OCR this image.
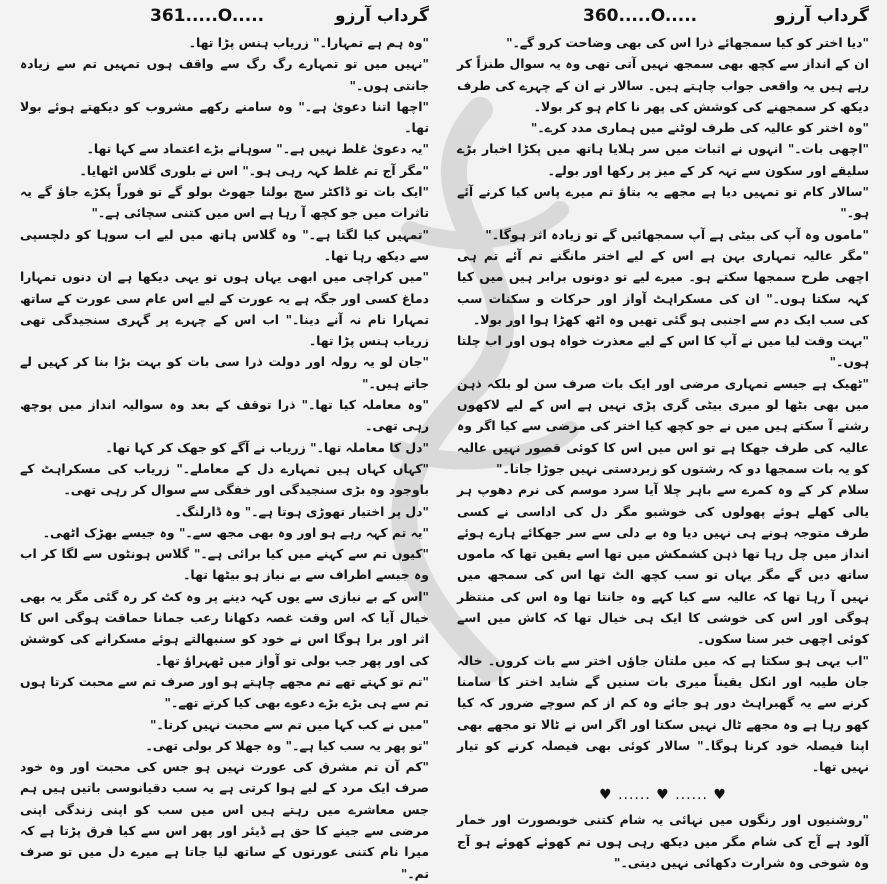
گرداب آرزو
361.....O.....

"وہ ہم ہے تمہارا۔" زریاب ہنس پڑا تھا۔

"نہیں میں تو تمہارے رگ رگ سے واقف ہوں تمہیں تم سے زیادہ جانتی ہوں۔"

"اچھا اتنا دعویٰ ہے۔" وہ سامنے رکھے مشروب کو دیکھتے ہوئے بولا تھا۔

"یہ دعویٰ غلط نہیں ہے۔" سوہانے بڑے اعتماد سے کہا تھا۔

"مگر آج تم غلط کہہ رہی ہو۔" اس نے بلوری گلاس اٹھایا۔

"ایک بات تو ڈاکٹر سچ بولنا جھوٹ بولو گے تو فوراً پکڑے جاؤ گے یہ تاثرات میں جو کچھ آ رہا ہے اس میں کتنی سچائی ہے۔"

"تمہیں کیا لگتا ہے۔" وہ گلاس ہاتھ میں لیے اب سوہا کو دلچسپی سے دیکھ رہا تھا۔

"میں کراچی میں ابھی یہاں ہوں تو یہی دیکھا ہے ان دنوں تمہارا دماغ کسی اور جگہ ہے یہ عورت کے لیے اس عام سی عورت کے ساتھ تمہارا نام نہ آنے دینا۔" اب اس کے چہرے پر گہری سنجیدگی تھی زریاب ہنس پڑا تھا۔

"جان لو یہ رولہ اور دولت ذرا سی بات کو بہت بڑا بنا کر کہیں لے جاتے ہیں۔"

"وہ معاملہ کیا تھا۔" ذرا توقف کے بعد وہ سوالیہ انداز میں پوچھ رہی تھی۔

"دل کا معاملہ تھا۔" زریاب نے آگے کو جھک کر کہا تھا۔

"کہاں کہاں ہیں تمہارے دل کے معاملے۔" زریاب کی مسکراہٹ کے باوجود وہ بڑی سنجیدگی اور خفگی سے سوال کر رہی تھی۔

"دل پر اختیار تھوڑی ہوتا ہے۔" وہ ڈارلنگ۔

"یہ تم کہہ رہے ہو اور وہ بھی مجھ سے۔" وہ جیسے بھڑک اٹھی۔

"کیوں تم سے کہنے میں کیا برائی ہے۔" گلاس ہونٹوں سے لگا کر اب وہ جیسے اطراف سے بے نیاز ہو بیٹھا تھا۔

"اس کے بے نیازی سے یوں کہہ دینے پر وہ کٹ کر رہ گئی مگر یہ بھی خیال آیا کہ اس وقت غصہ دکھانا رعب جمانا حماقت ہوگی اس کا اثر اور برا ہوگا اس نے خود کو سنبھالتے ہوئے مسکرانے کی کوشش کی اور پھر جب بولی تو آواز میں ٹھہراؤ تھا۔

"تم تو کہتے تھے تم مجھے چاہتے ہو اور صرف تم سے محبت کرتا ہوں تم سے ہی بڑے بڑے دعوے بھی کیا کرتے تھے۔"

"میں نے کب کہا میں تم سے محبت نہیں کرتا۔"

"تو پھر یہ سب کیا ہے۔" وہ جھلا کر بولی تھی۔

"کم آن تم مشرق کی عورت نہیں ہو جس کی محبت اور وہ خود صرف ایک مرد کے لیے ہوا کرتی ہے یہ سب دقیانوسی باتیں ہیں ہم جس معاشرے میں رہتے ہیں اس میں سب کو اپنی زندگی اپنی مرضی سے جینے کا حق ہے ڈیئر اور پھر اس سے کیا فرق پڑتا ہے کہ میرا نام کتنی عورتوں کے ساتھ لیا جاتا ہے میرے دل میں تو صرف تم۔"

گرداب آرزو
360.....O.....

"دیا اختر کو کیا سمجھائے ذرا اس کی بھی وضاحت کرو گے۔"

ان کے انداز سے کچھ بھی سمجھ نہیں آتی تھی وہ یہ سوال طنزاً کر رہے ہیں یہ واقعی جواب چاہتے ہیں۔ سالار نے ان کے چہرے کی طرف دیکھ کر سمجھنے کی کوشش کی پھر نا کام ہو کر بولا۔

"وہ اختر کو عالیہ کی طرف لوٹنے میں ہماری مدد کرے۔"

"اچھی بات۔" انہوں نے اثبات میں سر ہلایا ہاتھ میں پکڑا اخبار بڑے سلیقے اور سکون سے تہہ کر کے میز پر رکھا اور بولے۔

"سالار کام تو تمہیں دیا ہے مجھے یہ بتاؤ تم میرے پاس کیا کرنے آئے ہو۔"

"ماموں وہ آپ کی بیٹی ہے آپ سمجھائیں گے تو زیادہ اثر ہوگا۔"

"مگر عالیہ تمہاری بہن ہے اس کے لیے اختر مانگنے تم آئے تم ہی اچھی طرح سمجھا سکتے ہو۔ میرے لیے تو دونوں برابر ہیں میں کیا کہہ سکتا ہوں۔" ان کی مسکراہٹ آواز اور حرکات و سکنات سب کی سب ایک دم سے اجنبی ہو گئی تھیں وہ اٹھ کھڑا ہوا اور بولا۔

"بہت وقت لیا میں نے آپ کا اس کے لیے معذرت خواہ ہوں اور اب چلتا ہوں۔"

"ٹھیک ہے جیسے تمہاری مرضی اور ایک بات صرف سن لو بلکہ ذہن میں بھی بٹھا لو میری بیٹی گری پڑی نہیں ہے اس کے لیے لاکھوں رشتے آ سکتے ہیں میں نے جو کچھ کیا اختر کی مرضی سے کیا اگر وہ عالیہ کی طرف جھکا ہے تو اس میں اس کا کوئی قصور نہیں عالیہ کو یہ بات سمجھا دو کہ رشتوں کو زبردستی نہیں جوڑا جاتا۔"

سلام کر کے وہ کمرے سے باہر چلا آیا سرد موسم کی نرم دھوپ ہر یالی کھلے ہوئے پھولوں کی خوشبو مگر دل کی اداسی نے کسی طرف متوجہ ہونے ہی نہیں دیا وہ بے دلی سے سر جھکائے ہارے ہوئے انداز میں چل رہا تھا ذہن کشمکش میں تھا اسے یقین تھا کہ ماموں ساتھ دیں گے مگر یہاں تو سب کچھ الٹ تھا اس کی سمجھ میں نہیں آ رہا تھا کہ عالیہ سے کیا کہے وہ جانتا تھا وہ اس کی منتظر ہوگی اور اس کی خوشی کا ایک ہی خیال تھا کہ کاش میں اسے کوئی اچھی خبر سنا سکوں۔

"اب یہی ہو سکتا ہے کہ میں ملتان جاؤں اختر سے بات کروں۔ خالہ جان طیبہ اور انکل یقیناً میری بات سنیں گے شاید اختر کا سامنا کرنے سے یہ گھبراہٹ دور ہو جائے وہ کم از کم سوچے ضرور کہ کیا کھو رہا ہے وہ مجھے ٹال نہیں سکتا اور اگر اس نے ٹالا تو مجھے بھی اپنا فیصلہ خود کرنا ہوگا۔" سالار کوئی بھی فیصلہ کرنے کو تیار نہیں تھا۔

♥ ...... ♥ ...... ♥

"روشنیوں اور رنگوں میں نہائی یہ شام کتنی خوبصورت اور خمار آلود ہے آج کی شام مگر میں دیکھ رہی ہوں تم کھوئے کھوئے ہو آج وہ شوخی وہ شرارت دکھائی نہیں دیتی۔"
